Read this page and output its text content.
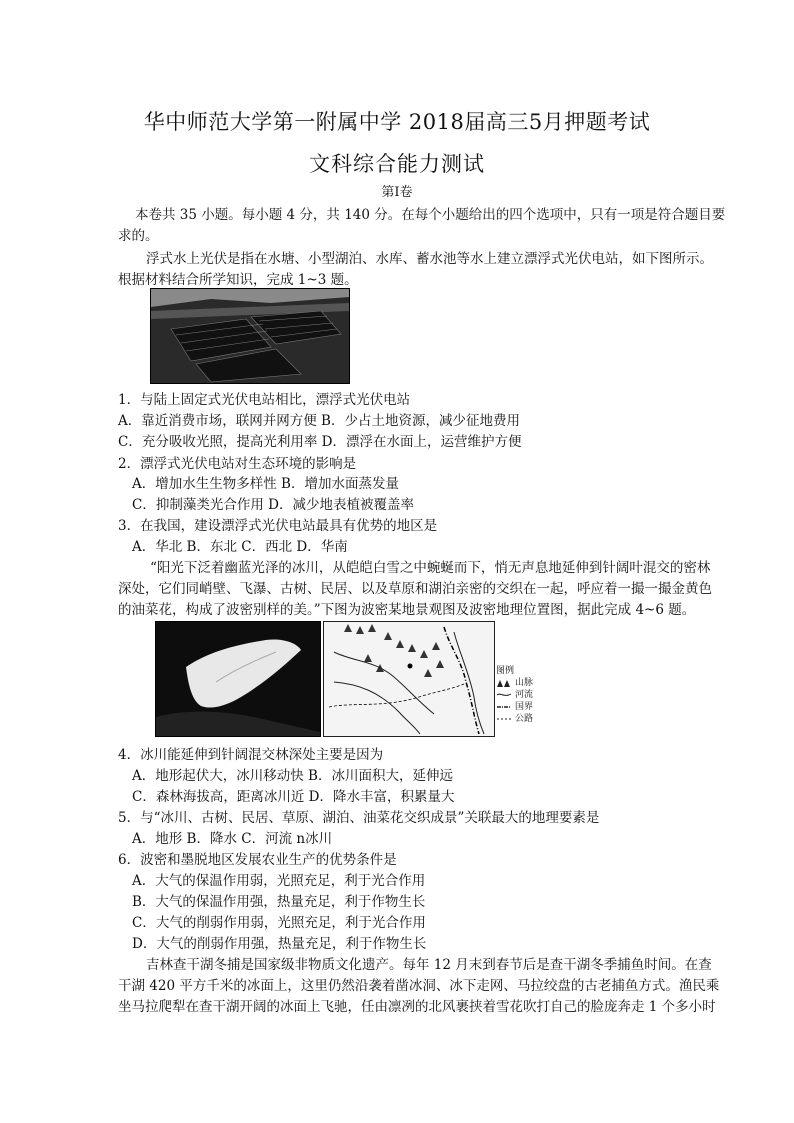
华中师范大学第一附属中学 2018届高三5月押题考试
文科综合能力测试
第Ⅰ卷
本卷共 35 小题。每小题 4 分，共 140 分。在每个小题给出的四个选项中，只有一项是符合题目要
求的。
浮式水上光伏是指在水塘、小型湖泊、水库、蓄水池等水上建立漂浮式光伏电站，如下图所示。
根据材料结合所学知识，完成 1~3 题。
1．与陆上固定式光伏电站相比，漂浮式光伏电站
A．靠近消费市场，联网并网方便 B．少占土地资源，减少征地费用
C．充分吸收光照，提高光利用率 D．漂浮在水面上，运营维护方便
2．漂浮式光伏电站对生态环境的影响是
A．增加水生生物多样性 B．增加水面蒸发量
C．抑制藻类光合作用 D．减少地表植被覆盖率
3．在我国，建设漂浮式光伏电站最具有优势的地区是
A．华北 B．东北 C．西北 D．华南
“阳光下泛着幽蓝光泽的冰川，从皑皑白雪之中蜿蜒而下，悄无声息地延伸到针阔叶混交的密林
深处，它们同峭壁、飞瀑、古树、民居、以及草原和湖泊亲密的交织在一起，呼应着一撮一撮金黄色
的油菜花，构成了波密别样的美。”下图为波密某地景观图及波密地理位置图，据此完成 4~6 题。
图例
山脉
河流
国界
公路
4．冰川能延伸到针阔混交林深处主要是因为
A．地形起伏大，冰川移动快 B．冰川面积大，延伸远
C．森林海拔高，距离冰川近 D．降水丰富，积累量大
5．与“冰川、古树、民居、草原、湖泊、油菜花交织成景”关联最大的地理要素是
A．地形 B．降水 C．河流 n冰川
6．波密和墨脱地区发展农业生产的优势条件是
A．大气的保温作用弱，光照充足，利于光合作用
B．大气的保温作用强，热量充足，利于作物生长
C．大气的削弱作用弱，光照充足，利于光合作用
D．大气的削弱作用强，热量充足，利于作物生长
吉林查干湖冬捕是国家级非物质文化遗产。每年 12 月末到春节后是查干湖冬季捕鱼时间。在查
干湖 420 平方千米的冰面上，这里仍然沿袭着凿冰洞、冰下走网、马拉绞盘的古老捕鱼方式。渔民乘
坐马拉爬犁在查干湖开阔的冰面上飞驰，任由凛冽的北风裹挟着雪花吹打自己的脸庞奔走 1 个多小时
